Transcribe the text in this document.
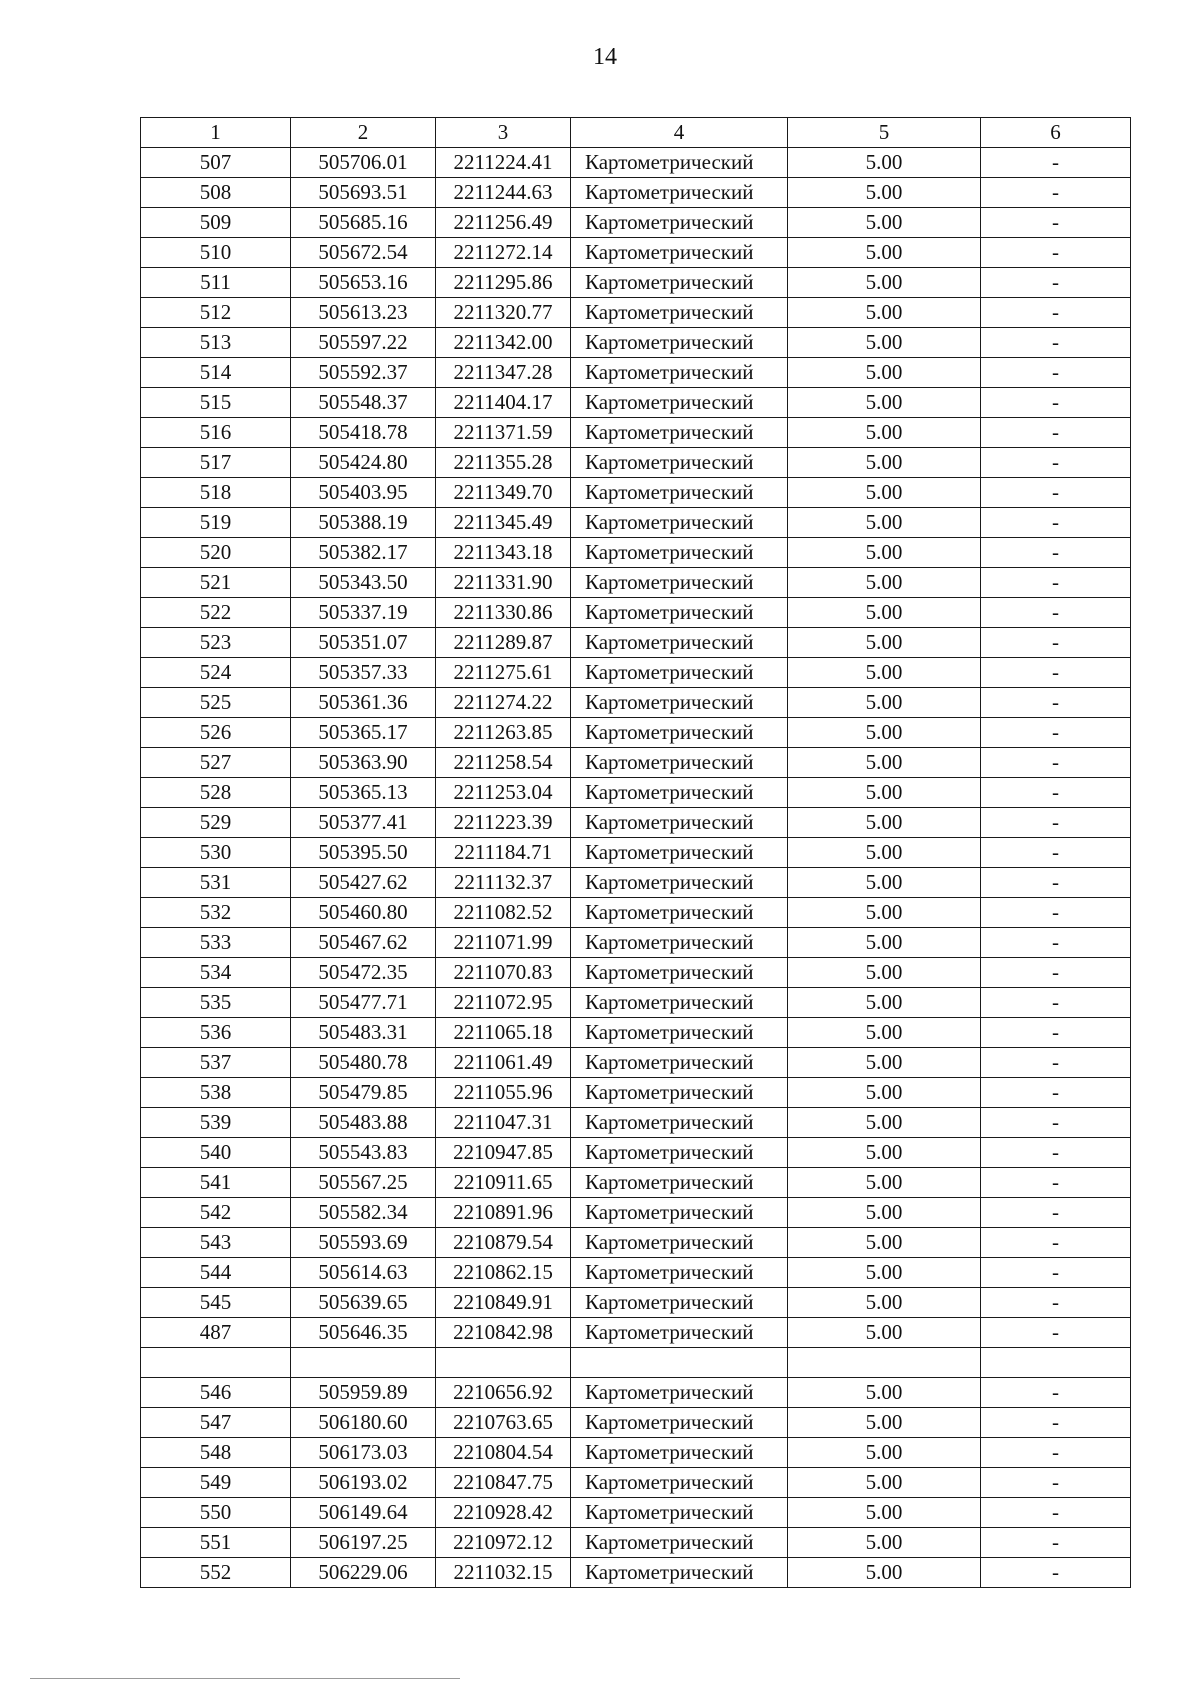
14
1	2	3	4	5	6
507	505706.01	2211224.41	Картометрический	5.00	-
508	505693.51	2211244.63	Картометрический	5.00	-
509	505685.16	2211256.49	Картометрический	5.00	-
510	505672.54	2211272.14	Картометрический	5.00	-
511	505653.16	2211295.86	Картометрический	5.00	-
512	505613.23	2211320.77	Картометрический	5.00	-
513	505597.22	2211342.00	Картометрический	5.00	-
514	505592.37	2211347.28	Картометрический	5.00	-
515	505548.37	2211404.17	Картометрический	5.00	-
516	505418.78	2211371.59	Картометрический	5.00	-
517	505424.80	2211355.28	Картометрический	5.00	-
518	505403.95	2211349.70	Картометрический	5.00	-
519	505388.19	2211345.49	Картометрический	5.00	-
520	505382.17	2211343.18	Картометрический	5.00	-
521	505343.50	2211331.90	Картометрический	5.00	-
522	505337.19	2211330.86	Картометрический	5.00	-
523	505351.07	2211289.87	Картометрический	5.00	-
524	505357.33	2211275.61	Картометрический	5.00	-
525	505361.36	2211274.22	Картометрический	5.00	-
526	505365.17	2211263.85	Картометрический	5.00	-
527	505363.90	2211258.54	Картометрический	5.00	-
528	505365.13	2211253.04	Картометрический	5.00	-
529	505377.41	2211223.39	Картометрический	5.00	-
530	505395.50	2211184.71	Картометрический	5.00	-
531	505427.62	2211132.37	Картометрический	5.00	-
532	505460.80	2211082.52	Картометрический	5.00	-
533	505467.62	2211071.99	Картометрический	5.00	-
534	505472.35	2211070.83	Картометрический	5.00	-
535	505477.71	2211072.95	Картометрический	5.00	-
536	505483.31	2211065.18	Картометрический	5.00	-
537	505480.78	2211061.49	Картометрический	5.00	-
538	505479.85	2211055.96	Картометрический	5.00	-
539	505483.88	2211047.31	Картометрический	5.00	-
540	505543.83	2210947.85	Картометрический	5.00	-
541	505567.25	2210911.65	Картометрический	5.00	-
542	505582.34	2210891.96	Картометрический	5.00	-
543	505593.69	2210879.54	Картометрический	5.00	-
544	505614.63	2210862.15	Картометрический	5.00	-
545	505639.65	2210849.91	Картометрический	5.00	-
487	505646.35	2210842.98	Картометрический	5.00	-

546	505959.89	2210656.92	Картометрический	5.00	-
547	506180.60	2210763.65	Картометрический	5.00	-
548	506173.03	2210804.54	Картометрический	5.00	-
549	506193.02	2210847.75	Картометрический	5.00	-
550	506149.64	2210928.42	Картометрический	5.00	-
551	506197.25	2210972.12	Картометрический	5.00	-
552	506229.06	2211032.15	Картометрический	5.00	-
